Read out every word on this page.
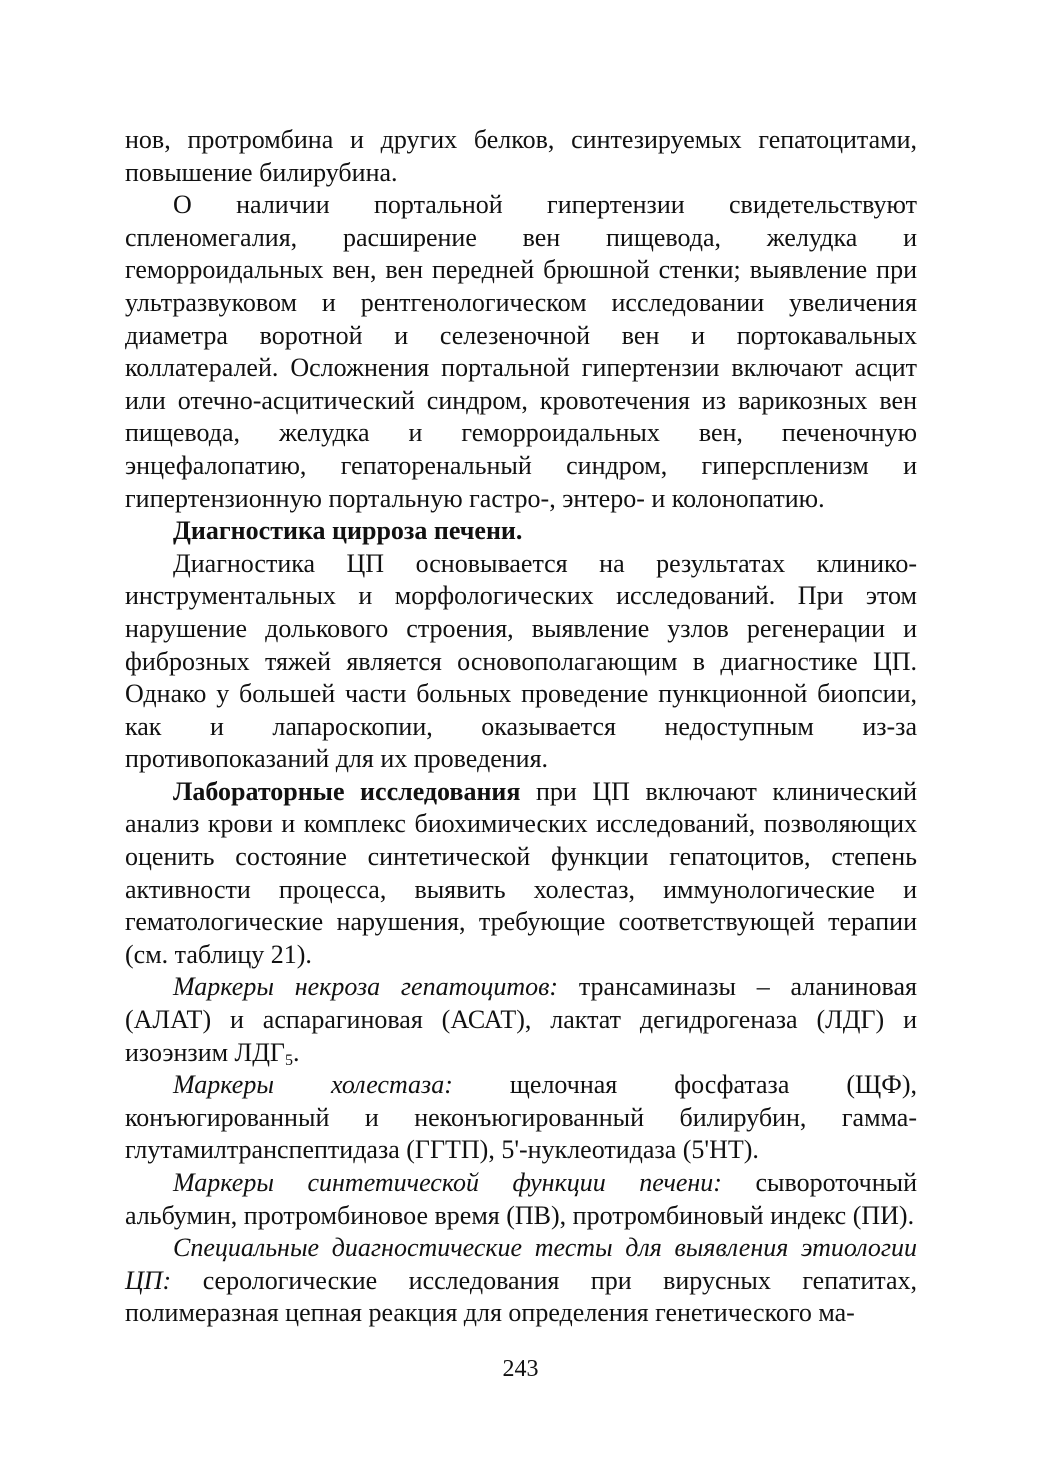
нов, протромбина и других белков, синтезируемых гепатоцитами, повышение билирубина.

О наличии портальной гипертензии свидетельствуют спленомегалия, расширение вен пищевода, желудка и геморроидальных вен, вен передней брюшной стенки; выявление при ультразвуковом и рентгенологическом исследовании увеличения диаметра воротной и селезеночной вен и портокавальных коллатералей. Осложнения портальной гипертензии включают асцит или отечно-асцитический синдром, кровотечения из варикозных вен пищевода, желудка и геморроидальных вен, печеночную энцефалопатию, гепаторенальный синдром, гиперспленизм и гипертензионную портальную гастро-, энтеро- и колонопатию.

Диагностика цирроза печени.

Диагностика ЦП основывается на результатах клинико-инструментальных и морфологических исследований. При этом нарушение долькового строения, выявление узлов регенерации и фиброзных тяжей является основополагающим в диагностике ЦП. Однако у большей части больных проведение пункционной биопсии, как и лапароскопии, оказывается недоступным из-за противопоказаний для их проведения.

Лабораторные исследования при ЦП включают клинический анализ крови и комплекс биохимических исследований, позволяющих оценить состояние синтетической функции гепатоцитов, степень активности процесса, выявить холестаз, иммунологические и гематологические нарушения, требующие соответствующей терапии (см. таблицу 21).

Маркеры некроза гепатоцитов: трансаминазы – аланиновая (АЛАТ) и аспарагиновая (АСАТ), лактат дегидрогеназа (ЛДГ) и изоэнзим $ЛДГ_5$.

Маркеры холестаза: щелочная фосфатаза (ЩФ), конъюгированный и неконъюгированный билирубин, гамма-глутамилтранспептидаза (ГГТП), 5'-нуклеотидаза (5'НТ).

Маркеры синтетической функции печени: сывороточный альбумин, протромбиновое время (ПВ), протромбиновый индекс (ПИ).

Специальные диагностические тесты для выявления этиологии ЦП: серологические исследования при вирусных гепатитах, полимеразная цепная реакция для определения генетического ма-

243
